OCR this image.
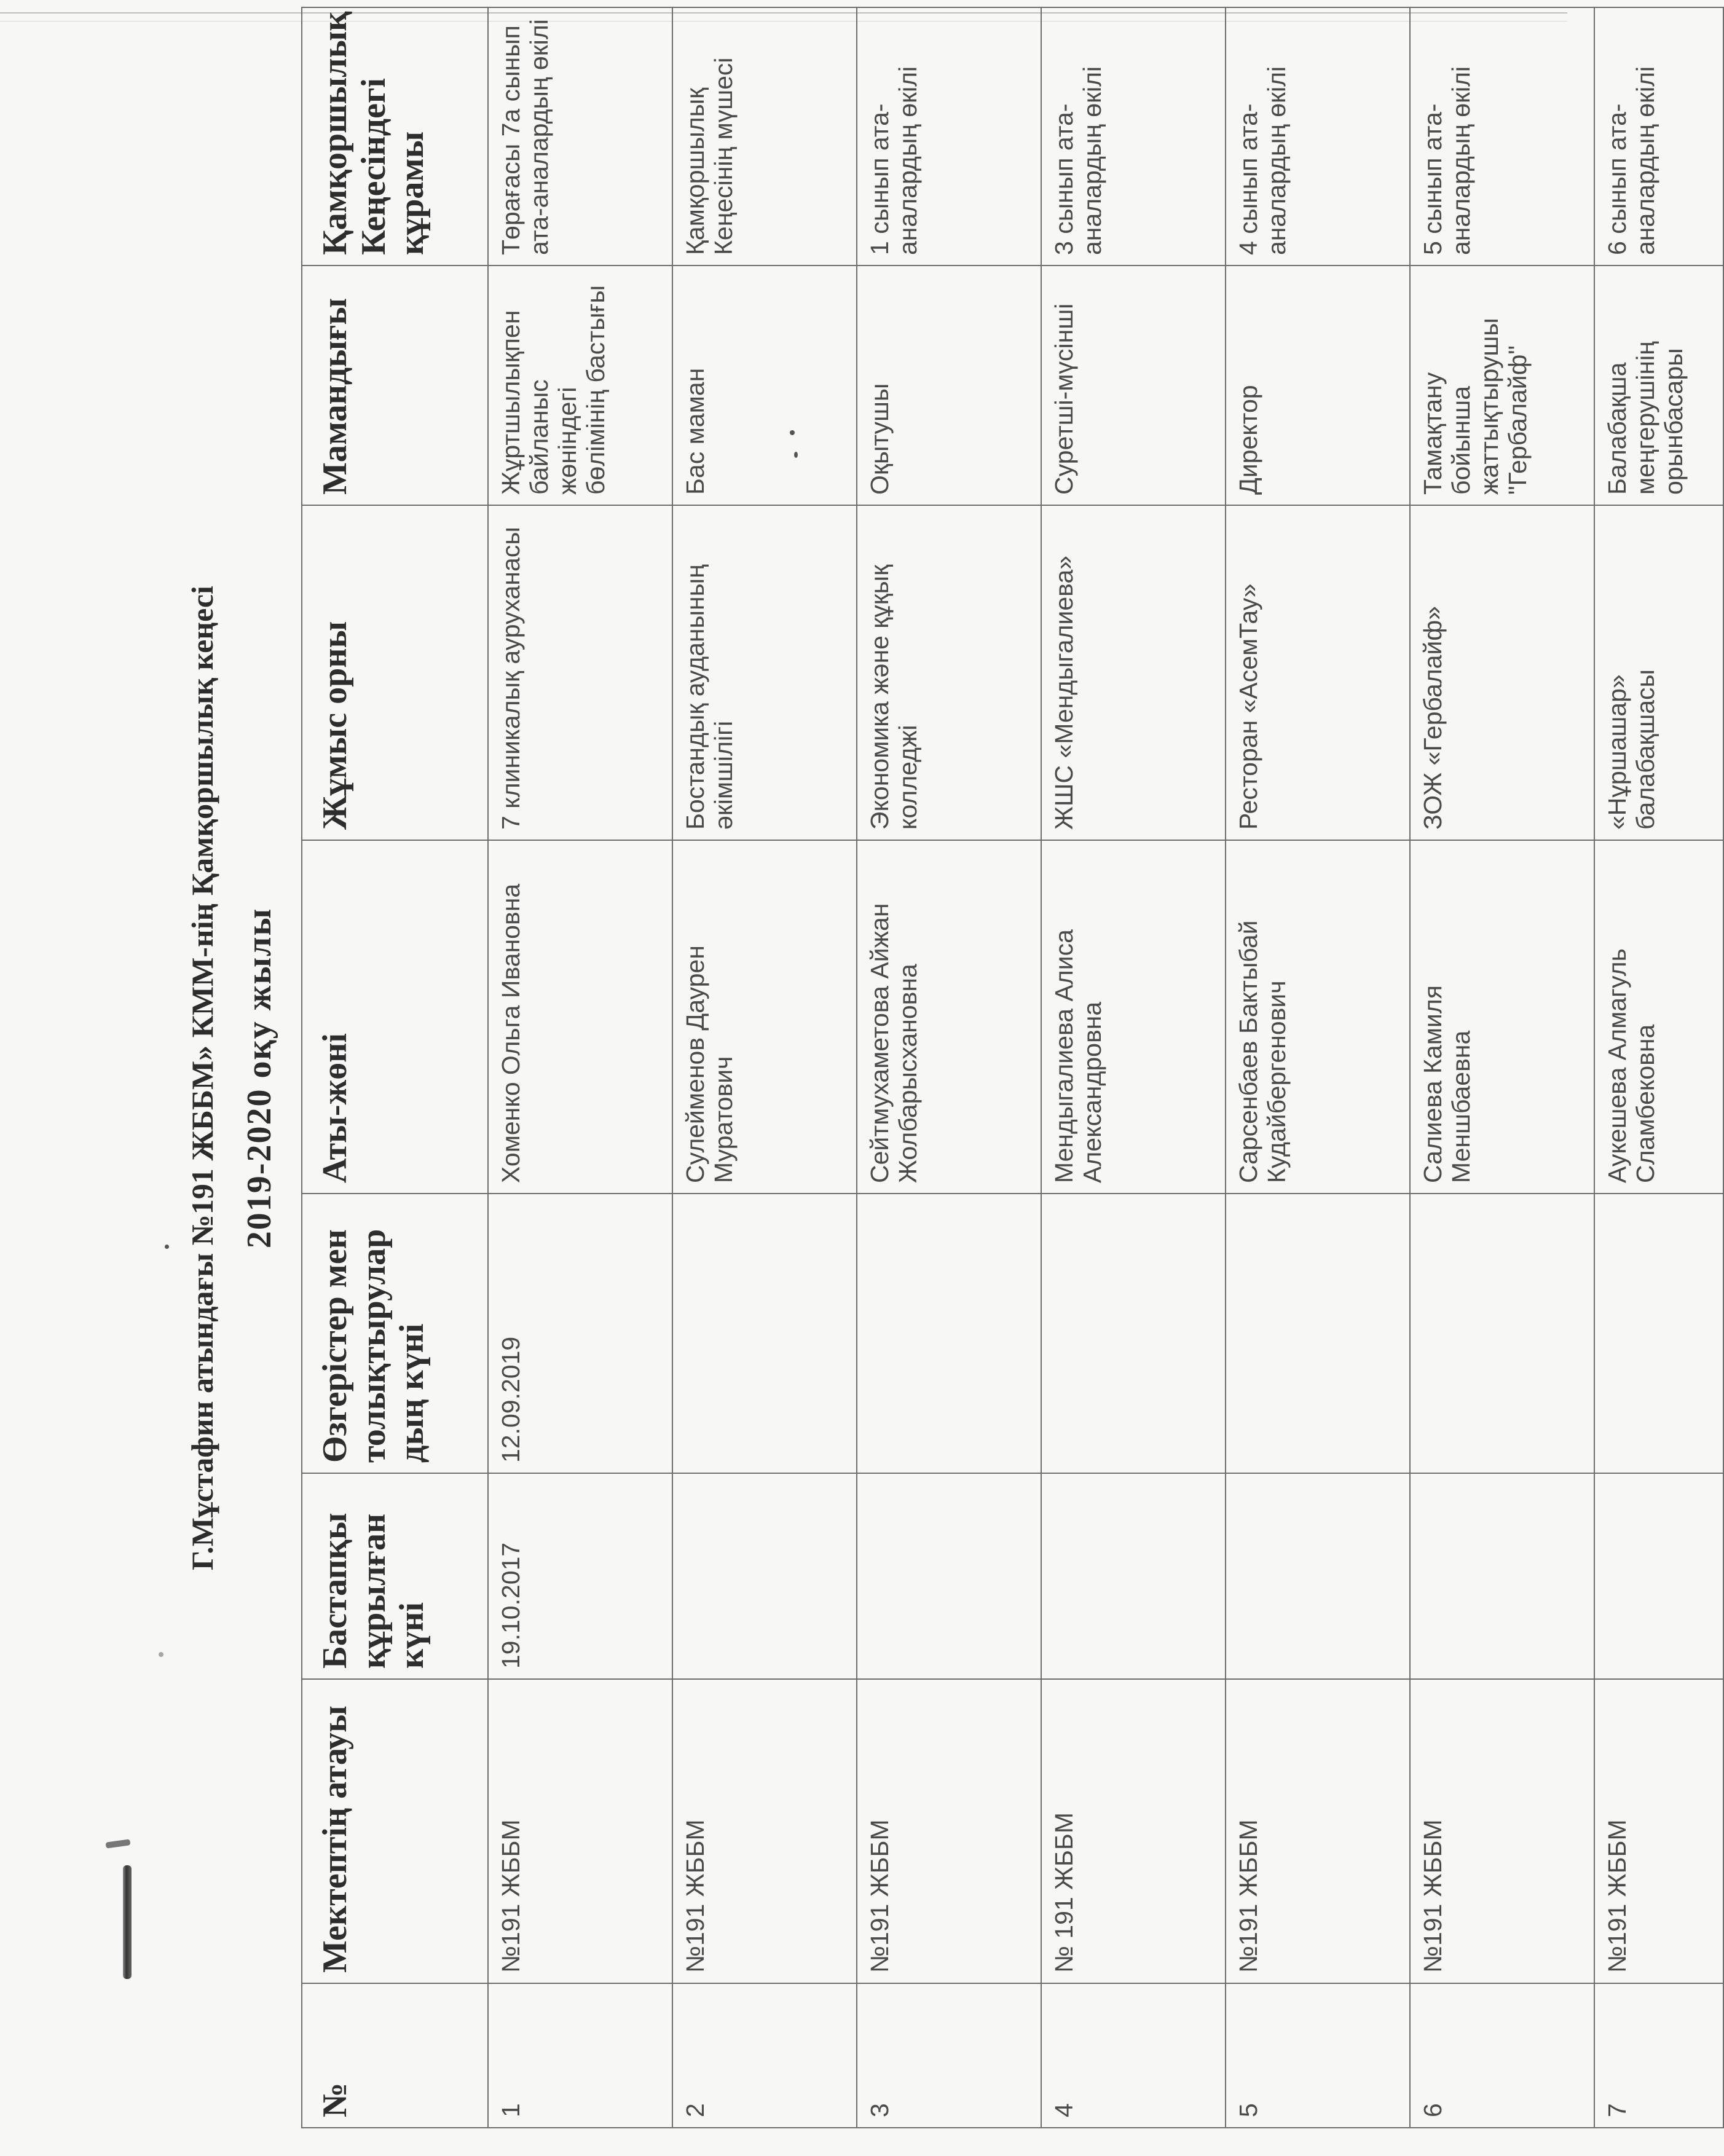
Г.Мұстафин атындағы №191 ЖББМ» КММ-нің Қамқоршылық кеңесі 2019-2020 оқу жылы
№	Мектептің атауы	Бастапқы құрылған күні	Өзгерістер мен толықтырулар дың күні	Аты-жөні	Жұмыс орны	Мамандығы	Қамқоршылық Кеңесіндегі құрамы
1	№191 ЖББМ	19.10.2017	12.09.2019	Хоменко Ольга Ивановна	7 клиникалық ауруханасы	Жұртшылықпен байланыс жөніндегі бөлімінің бастығы	Төрағасы 7а сынып ата-аналардың өкілі
2	№191 ЖББМ			Сулейменов Даурен Муратович	Бостандық ауданының әкімшілігі	Бас маман	Қамқоршылық Кеңесінің мүшесі
3	№191 ЖББМ			Сейтмухаметова Айжан Жолбарысхановна	Экономика және құқық колледжі	Оқытушы	1 сынып ата-аналардың өкілі
4	№ 191 ЖББМ			Мендыгалиева Алиса Александровна	ЖШС «Мендыгалиева»	Суретші-мүсінші	3 сынып ата-аналардың өкілі
5	№191 ЖББМ			Сарсенбаев Бактыбай Кудайбергенович	Ресторан «АсемТау»	Директор	4 сынып ата-аналардың өкілі
6	№191 ЖББМ			Салиева Камиля Меншбаевна	ЗОЖ «Гербалайф»	Тамақтану бойынша жаттықтырушы "Гербалайф"	5 сынып ата-аналардың өкілі
7	№191 ЖББМ			Аукешева Алмагуль Сламбековна	«Нұршашар» балабақшасы	Балабақша меңгерушінің орынбасары	6 сынып ата-аналардың өкілі
